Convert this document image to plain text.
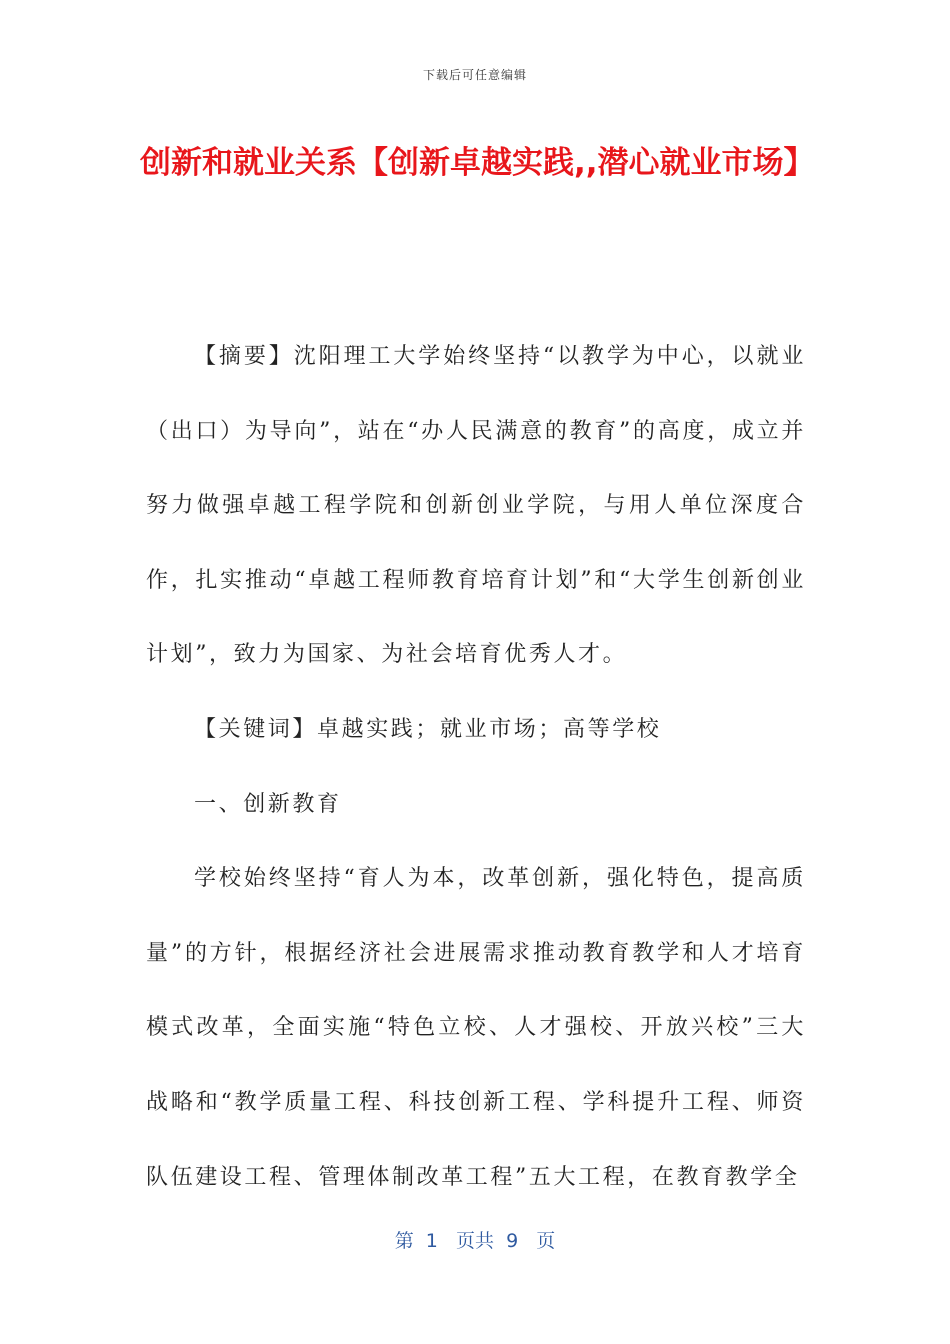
下载后可任意编辑
创新和就业关系【创新卓越实践,,潜心就业市场】

【摘要】沈阳理工大学始终坚持“以教学为中心，以就业（出口）为导向”，站在“办人民满意的教育”的高度，成立并努力做强卓越工程学院和创新创业学院，与用人单位深度合作，扎实推动“卓越工程师教育培育计划”和“大学生创新创业计划”，致力为国家、为社会培育优秀人才。

【关键词】卓越实践；就业市场；高等学校

一、创新教育

学校始终坚持“育人为本，改革创新，强化特色，提高质量”的方针，根据经济社会进展需求推动教育教学和人才培育模式改革，全面实施“特色立校、人才强校、开放兴校”三大战略和“教学质量工程、科技创新工程、学科提升工程、师资队伍建设工程、管理体制改革工程”五大工程，在教育教学全

第  1   页共  9   页
